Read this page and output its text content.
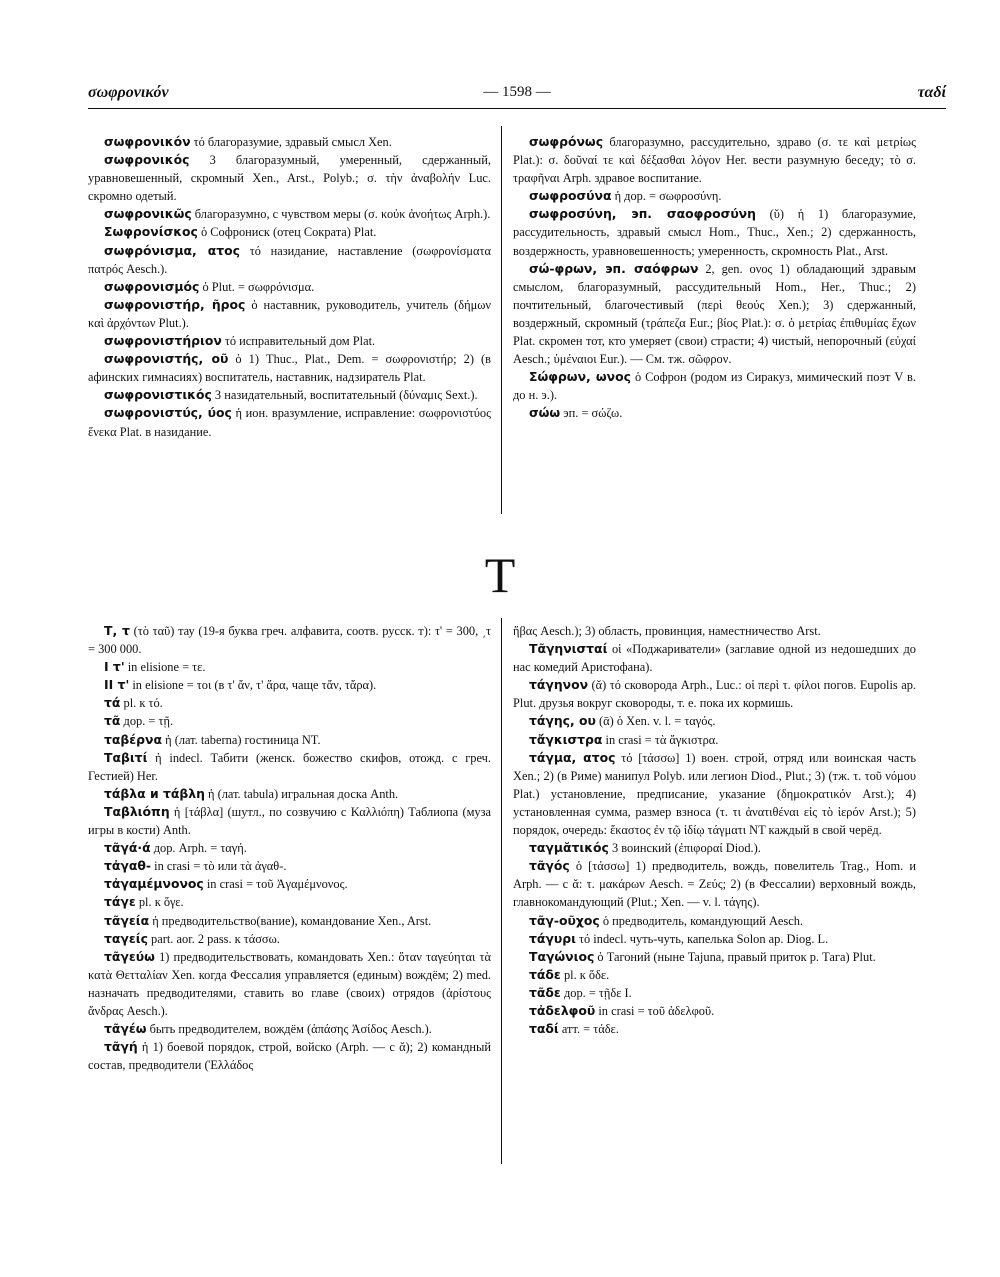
σωφρονικόν	— 1598 —	ταδί

σωφρονικόν τό благоразумие, здравый смысл Xen.

σωφρονικός 3 благоразумный, умеренный, сдержанный, уравновешенный, скромный Xen., Arst., Polyb.; σ. τὴν ἀναβολήν Luc. скромно одетый.

σωφρονικῶς благоразумно, с чувством меры (σ. κοὐκ ἀνοήτως Arph.).

Σωφρονίσκος ὁ Софрониск (отец Сократа) Plat.

σωφρόνισμα, ατος τό назидание, наставление (σωφρονίσματα πατρός Aesch.).

σωφρονισμός ὁ Plut. = σωφρόνισμα.

σωφρονιστήρ, ῆρος ὁ наставник, руководитель, учитель (δήμων καὶ ἀρχόντων Plut.).

σωφρονιστήριον τό исправительный дом Plat.

σωφρονιστής, οῦ ὁ 1) Thuc., Plat., Dem. = σωφρονιστήρ; 2) (в афинских гимнасиях) воспитатель, наставник, надзиратель Plat.

σωφρονιστικός 3 назидательный, воспитательный (δύναμις Sext.).

σωφρονιστύς, ύος ἡ ион. вразумление, исправление: σωφρονιστύος ἕνεκα Plat. в назидание.

σωφρόνως благоразумно, рассудительно, здраво (σ. τε καὶ μετρίως Plat.): σ. δοῦναί τε καὶ δέξασθαι λόγον Her. вести разумную беседу; τὸ σ. τραφῆναι Arph. здравое воспитание.

σωφροσύνα ἡ дор. = σωφροσύνη.

σωφροσύνη, эп. σαοφροσύνη (ῠ) ἡ 1) благоразумие, рассудительность, здравый смысл Hom., Thuc., Xen.; 2) сдержанность, воздержность, уравновешенность; умеренность, скромность Plat., Arst.

σώ-φρων, эп. σαόφρων 2, gen. ονος 1) обладающий здравым смыслом, благоразумный, рассудительный Hom., Her., Thuc.; 2) почтительный, благочестивый (περὶ θεούς Xen.); 3) сдержанный, воздержный, скромный (τράπεζα Eur.; βίος Plat.): σ. ὁ μετρίας ἐπιθυμίας ἔχων Plat. скромен тот, кто умеряет (свои) страсти; 4) чистый, непорочный (εὐχαί Aesch.; ὑμέναιοι Eur.). — См. тж. σῶφρον.

Σώφρων, ωνος ὁ Софрон (родом из Сиракуз, мимический поэт V в. до н. э.).

σώω эп. = σώζω.

Т

Т, τ (τὸ ταῦ) тау (19-я буква греч. алфавита, соотв. русск. т): τ' = 300, ͵τ = 300 000.

I τ' in elisione = τε.

II τ' in elisione = τοι (в τ' ἄν, τ' ἄρα, чаще τἄν, τἄρα).

τά pl. к τό.

τᾶ дор. = τῇ.

ταβέρνα ἡ (лат. taberna) гостиница NT.

Ταβιτί ἡ indecl. Табити (женск. божество скифов, отожд. с греч. Гестией) Her.

τάβλα и τάβλη ἡ (лат. tabula) игральная доска Anth.

Ταβλιόπη ἡ [τάβλα] (шутл., по созвучию с Καλλιόπη) Таблиопа (муза игры в кости) Anth.

τᾶγά·ά дор. Arph. = ταγή.

τἀγαθ- in crasi = τὸ или τὰ ἀγαθ-.

τἀγαμέμνονος in crasi = τοῦ Ἀγαμέμνονος.

τάγε pl. к ὅγε.

τᾶγεία ἡ предводительство(вание), командование Xen., Arst.

ταγείς part. aor. 2 pass. к τάσσω.

τᾶγεύω 1) предводительствовать, командовать Xen.: ὅταν ταγεύηται τὰ κατὰ Θετταλίαν Xen. когда Фессалия управляется (единым) вождём; 2) med. назначать предводителями, ставить во главе (своих) отрядов (ἀρίστους ἄνδρας Aesch.).

τᾶγέω быть предводителем, вождём (ἁπάσης Ἀσίδος Aesch.).

τᾶγή ἡ 1) боевой порядок, строй, войско (Arph. — с ᾰ); 2) командный состав, предводители (Ἑλλάδος

ἥβας Aesch.); 3) область, провинция, наместничество Arst.

Τᾶγηνισταί οἱ «Поджариватели» (заглавие одной из недошедших до нас комедий Аристофана).

τάγηνον (ᾰ) τό сковорода Arph., Luc.: οἱ περὶ τ. φίλοι погов. Eupolis ap. Plut. друзья вокруг сковороды, т. е. пока их кормишь.

τάγης, ου (ᾱ) ὁ Xen. v. l. = ταγός.

τἄγκιστρα in crasi = τὰ ἄγκιστρα.

τάγμα, ατος τό [τάσσω] 1) воен. строй, отряд или воинская часть Xen.; 2) (в Риме) манипул Polyb. или легион Diod., Plut.; 3) (тж. τ. τοῦ νόμου Plat.) установление, предписание, указание (δημοκρατικόν Arst.); 4) установленная сумма, размер взноса (τ. τι ἀνατιθέναι εἰς τὸ ἱερόν Arst.); 5) порядок, очередь: ἕκαστος ἐν τῷ ἰδίῳ τάγματι NT каждый в свой черёд.

ταγμᾰτικός 3 воинский (ἐπιφοραί Diod.).

τᾶγός ὁ [τάσσω] 1) предводитель, вождь, повелитель Trag., Hom. и Arph. — с ᾰ: τ. μακάρων Aesch. = Ζεύς; 2) (в Фессалии) верховный вождь, главнокомандующий (Plut.; Xen. — v. l. τάγης).

τᾶγ-οῦχος ὁ предводитель, командующий Aesch.

τάγυρι τό indecl. чуть-чуть, капелька Solon ap. Diog. L.

Ταγώνιος ὁ Тагоний (ныне Tajuna, правый приток р. Тага) Plut.

τάδε pl. к ὅδε.

τᾶδε дор. = τῇδε I.

τἀδελφοῦ in crasi = τοῦ ἀδελφοῦ.

ταδί атт. = τάδε.
